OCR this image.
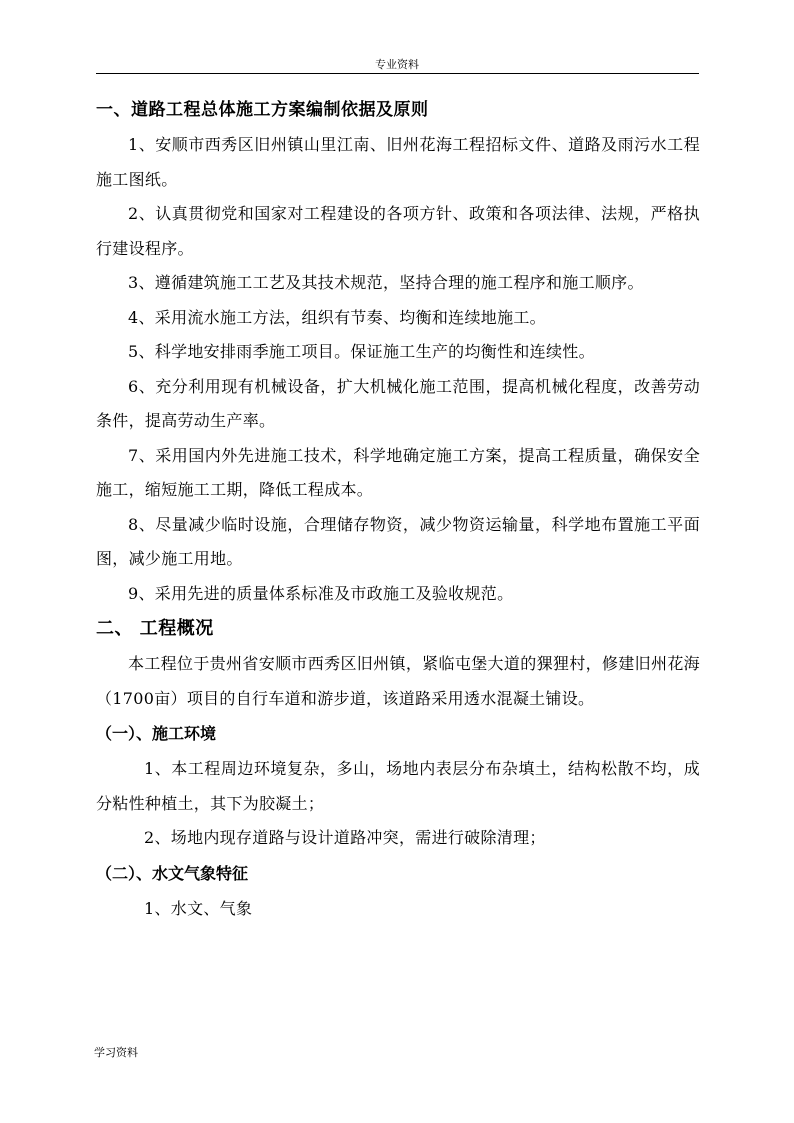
专业资料

一、道路工程总体施工方案编制依据及原则

1、安顺市西秀区旧州镇山里江南、旧州花海工程招标文件、道路及雨污水工程施工图纸。

2、认真贯彻党和国家对工程建设的各项方针、政策和各项法律、法规，严格执行建设程序。

3、遵循建筑施工工艺及其技术规范，坚持合理的施工程序和施工顺序。

4、采用流水施工方法，组织有节奏、均衡和连续地施工。

5、科学地安排雨季施工项目。保证施工生产的均衡性和连续性。

6、充分利用现有机械设备，扩大机械化施工范围，提高机械化程度，改善劳动条件，提高劳动生产率。

7、采用国内外先进施工技术，科学地确定施工方案，提高工程质量，确保安全施工，缩短施工工期，降低工程成本。

8、尽量减少临时设施，合理储存物资，减少物资运输量，科学地布置施工平面图，减少施工用地。

9、采用先进的质量体系标准及市政施工及验收规范。

二、 工程概况

本工程位于贵州省安顺市西秀区旧州镇，紧临屯堡大道的猓狸村，修建旧州花海（1700亩）项目的自行车道和游步道，该道路采用透水混凝土铺设。

（一）、施工环境

1、本工程周边环境复杂，多山，场地内表层分布杂填土，结构松散不均，成分粘性种植土，其下为胶凝土；

2、场地内现存道路与设计道路冲突，需进行破除清理；

（二）、水文气象特征

1、水文、气象

学习资料
